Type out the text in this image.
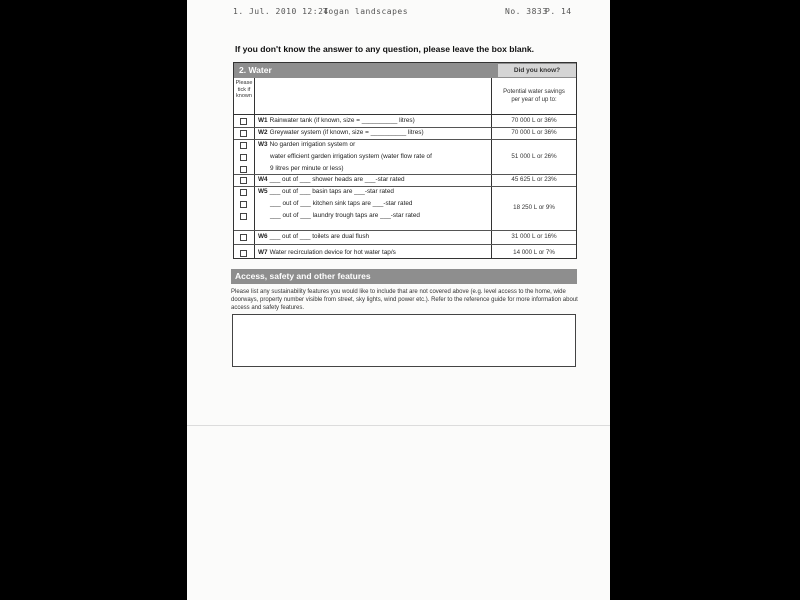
1. Jul. 2010 12:24
Togan landscapes	No. 3833
P. 14
If you don't know the answer to any question, please leave the box blank.
2. Water	Did you know?
Please
tick if
known
Potential water savings
per year of up to:
W1 Rainwater tank (if known, size = __________ litres)	70 000 L or 36%
W2 Greywater system (if known, size = __________ litres)	70 000 L or 36%
W3 No garden irrigation system or
water efficient garden irrigation system (water flow rate of
9 litres per minute or less)
51 000 L or 26%
W4 ___ out of ___ shower heads are ___-star rated	45 625 L or 23%
W5 ___ out of ___ basin taps are ___-star rated
___ out of ___ kitchen sink taps are ___-star rated
___ out of ___ laundry trough taps are ___-star rated
18 250 L or 9%
W6 ___ out of ___ toilets are dual flush	31 000 L or 16%
W7 Water recirculation device for hot water tap/s	14 000 L or 7%
Access, safety and other features
Please list any sustainability features you would like to include that are not covered above (e.g. level access to the home, wide doorways, property number visible from street, sky lights, wind power etc.). Refer to the reference guide for more information about access and safety features.
